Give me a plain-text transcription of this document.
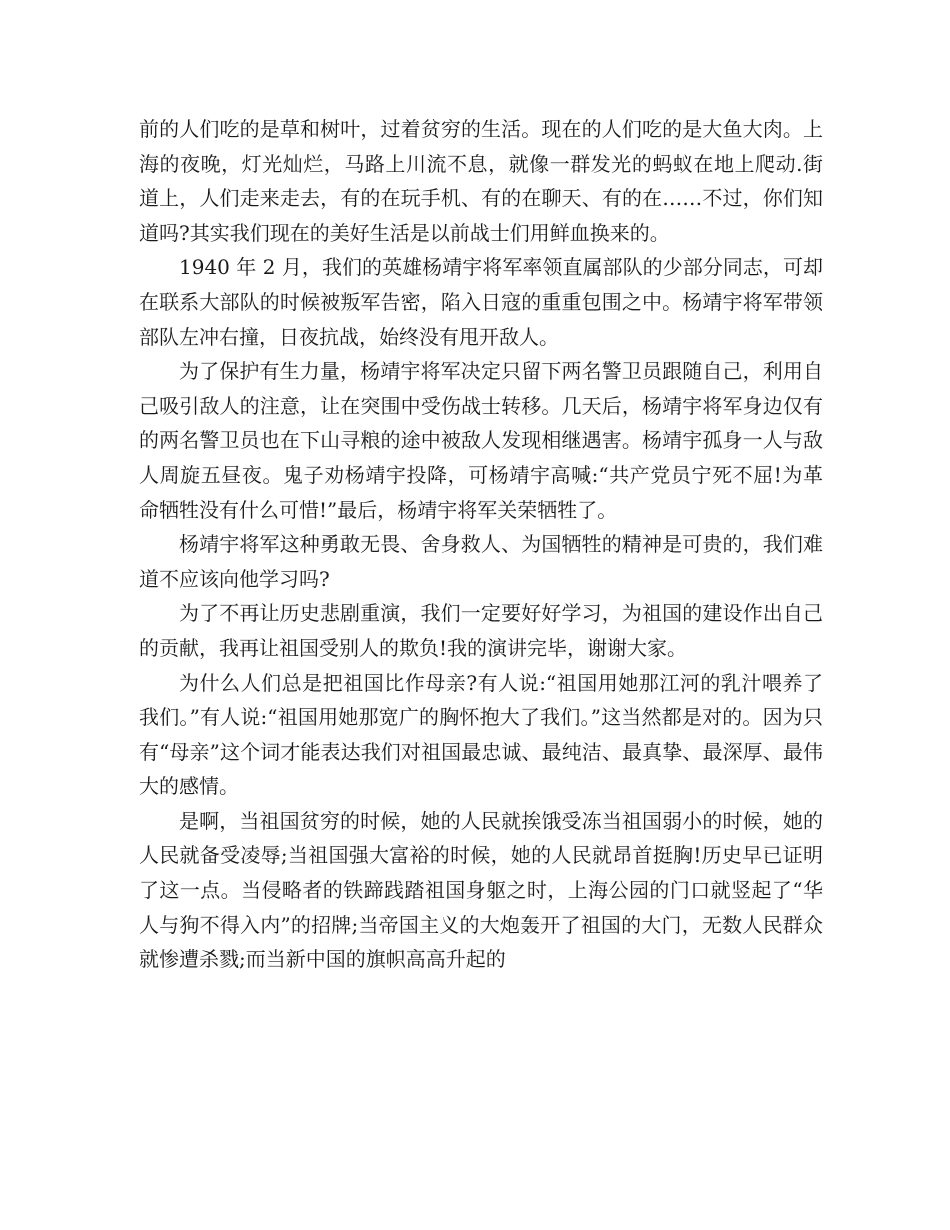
前的人们吃的是草和树叶，过着贫穷的生活。现在的人们吃的是大鱼大肉。上海的夜晚，灯光灿烂，马路上川流不息，就像一群发光的蚂蚁在地上爬动.街道上，人们走来走去，有的在玩手机、有的在聊天、有的在……不过，你们知道吗?其实我们现在的美好生活是以前战士们用鲜血换来的。

1940 年 2 月，我们的英雄杨靖宇将军率领直属部队的少部分同志，可却在联系大部队的时候被叛军告密，陷入日寇的重重包围之中。杨靖宇将军带领部队左冲右撞，日夜抗战，始终没有甩开敌人。

为了保护有生力量，杨靖宇将军决定只留下两名警卫员跟随自己，利用自己吸引敌人的注意，让在突围中受伤战士转移。几天后，杨靖宇将军身边仅有的两名警卫员也在下山寻粮的途中被敌人发现相继遇害。杨靖宇孤身一人与敌人周旋五昼夜。鬼子劝杨靖宇投降，可杨靖宇高喊:“共产党员宁死不屈!为革命牺牲没有什么可惜!”最后，杨靖宇将军关荣牺牲了。

杨靖宇将军这种勇敢无畏、舍身救人、为国牺牲的精神是可贵的，我们难道不应该向他学习吗?

为了不再让历史悲剧重演，我们一定要好好学习，为祖国的建设作出自己的贡献，我再让祖国受别人的欺负!我的演讲完毕，谢谢大家。

为什么人们总是把祖国比作母亲?有人说:“祖国用她那江河的乳汁喂养了我们。”有人说:“祖国用她那宽广的胸怀抱大了我们。”这当然都是对的。因为只有“母亲”这个词才能表达我们对祖国最忠诚、最纯洁、最真挚、最深厚、最伟大的感情。

是啊，当祖国贫穷的时候，她的人民就挨饿受冻当祖国弱小的时候，她的人民就备受凌辱;当祖国强大富裕的时候，她的人民就昂首挺胸!历史早已证明了这一点。当侵略者的铁蹄践踏祖国身躯之时，上海公园的门口就竖起了“华人与狗不得入内”的招牌;当帝国主义的大炮轰开了祖国的大门，无数人民群众就惨遭杀戮;而当新中国的旗帜高高升起的
